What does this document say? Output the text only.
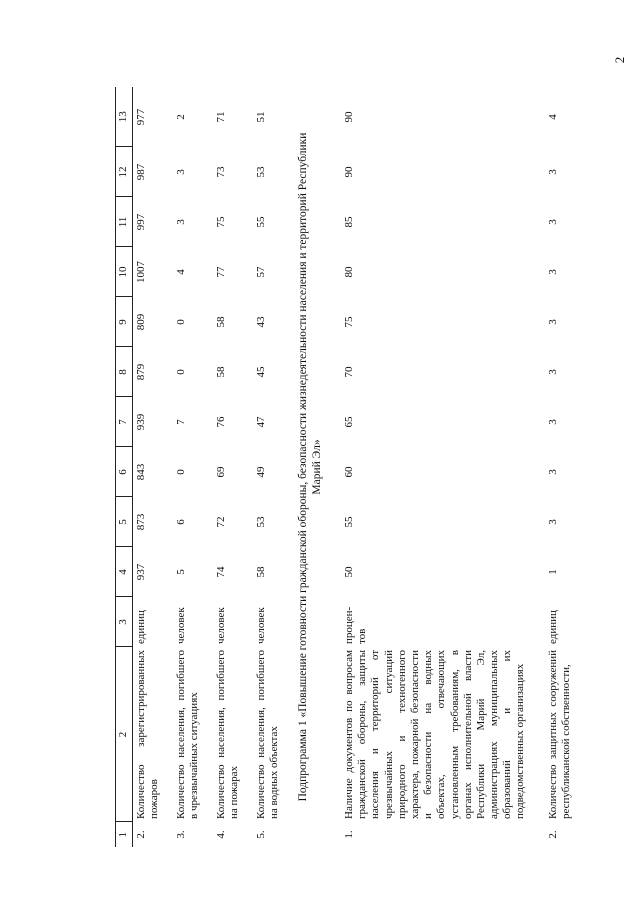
2
1	2	3	4	5	6	7	8	9	10	11	12	13
2.	Количество зарегистрированных пожаров	единиц	937	873	843	939	879	809	1007	997	987	977
3.	Количество населения, погибшего в чрезвычайных ситуациях	человек	5	6	0	7	0	0	4	3	3	2
4.	Количество населения, погибшего на пожарах	человек	74	72	69	76	58	58	77	75	73	71
5.	Количество населения, погибшего на водных объектах	человек	58	53	49	47	45	43	57	55	53	51
Подпрограмма 1 «Повышение готовности гражданской обороны, безопасности жизнедеятельности населения и территорий Республики Марий Эл»												
1.	Наличие документов по вопросам гражданской обороны, защиты населения и территорий от чрезвычайных ситуаций природного и техногенного характера, пожарной безопасности и безопасности на водных объектах, отвечающих установленным требованиям, в органах исполнительной власти Республики Марий Эл, администрациях муниципальных образований и их подведомственных организациях	процен-тов	50	55	60	65	70	75	80	85	90	90
2.	Количество защитных сооружений республиканской собственности,	единиц	1	3	3	3	3	3	3	3	3	4
